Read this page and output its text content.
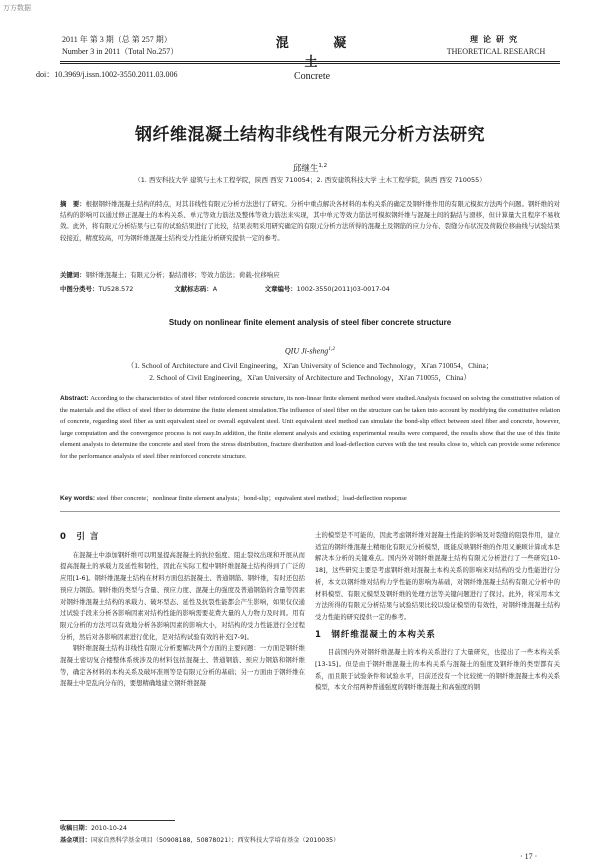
万方数据
2011 年 第 3 期（总 第 257 期）
Number 3 in 2011（Total No.257）
混 凝 土
Concrete
理论研究
THEORETICAL RESEARCH
doi：10.3969/j.issn.1002-3550.2011.03.006
钢纤维混凝土结构非线性有限元分析方法研究
邱继生$^{1,2}$
（1. 西安科技大学 建筑与土木工程学院，陕西 西安 710054；2. 西安建筑科技大学 土木工程学院，陕西 西安 710055）
摘　要：根据钢纤维混凝土结构的特点，对其非线性有限元分析方法进行了研究。分析中重点解决各材料的本构关系的确定及钢纤维作用的有限元模拟方法两个问题。钢纤维的对结构的影响可以通过修正混凝土的本构关系、单元等效力筋法及整体等效力筋法来实现，其中单元等效力筋法可模拟钢纤维与混凝土间的黏结与滑移，但计算量大且程序不易收敛。此外，将有限元分析结果与已有的试验结果进行了比较，结果表明采用研究确定的有限元分析方法所得的混凝土及钢筋的应力分布、裂缝分布状况及荷载位移曲线与试验结果较接近，精度较高，可为钢纤维混凝土结构受力性能分析研究提供一定的参考。
关键词：钢纤维混凝土；有限元分析；黏结滑移；等效力筋法；荷载-位移响应
中图分类号：TU528.572	文献标志码：A	文章编号：1002-3550(2011)03-0017-04
Study on nonlinear finite element analysis of steel fiber concrete structure
QIU Ji-sheng$^{1,2}$
（1. School of Architecture and Civil Engineering，Xi'an University of Science and Technology，Xi'an 710054，China；
2. School of Civil Engineering，Xi'an University of Architecture and Technology，Xi'an 710055，China）
Abstract: According to the characteristics of steel fiber reinforced concrete structure, its non-linear finite element method were studied.Analysis focused on solving the constitutive relation of the materials and the effect of steel fiber to determine the finite element simulation.The influence of steel fiber on the structure can be taken into account by modifying the constitutive relation of concrete, regarding steel fiber as unit equivalent steel or overall equivalent steel. Unit equivalent steel method can simulate the bond-slip effect between steel fiber and concrete, however, large computation and the convergence process is not easy.In addition, the finite element analysis and existing experimental results were compared, the results show that the use of this finite element analysis to determine the concrete and steel from the stress distribution, fracture distribution and load-deflection curves with the test results close to, which can provide some reference for the performance analysis of steel fiber reinforced concrete structure.
Key words: steel fiber concrete；nonlinear finite element analysis；bond-slip；equivalent steel method；load-deflection response
0　引 言

在混凝土中添加钢纤维可以明显提高混凝土的抗拉强度、阻止裂纹出现和开展从而提高混凝土的承载力及延性和韧性，因此在实际工程中钢纤维混凝土结构得到了广泛的应用[1-6]。钢纤维混凝土结构在材料方面包括混凝土、普通钢筋、钢纤维，有时还包括预应力钢筋。钢纤维的类型与含量、预应力度、混凝土的强度及普通钢筋的含量等因素对钢纤维混凝土结构的承载力、破坏型态、延性及抗裂性能都会产生影响，如果仅仅通过试验手段来分析各影响因素对结构性能的影响需要花费大量的人力物力及时间。用有限元分析的方法可以有效地分析各影响因素的影响大小，对结构的受力性能进行全过程分析，然后对各影响因素进行优化，是对结构试验有效的补充[7-9]。

钢纤维混凝土结构非线性有限元分析要解决两个方面的主要问题：一方面是钢纤维混凝土密切复合楼整体系统涉及的材料包括混凝土、普通钢筋、预应力钢筋和钢纤维等，确定各材料的本构关系及破坏准则等是有限元分析的基础；另一方面由于钢纤维在混凝土中是乱向分布的，要想精确地建立钢纤维混凝

土的模型是不可能的，因此考虑钢纤维对混凝土性能的影响及对裂缝的阻裂作用，建立适宜的钢纤维混凝土精细化有限元分析模型，既能反映钢纤维的作用又兼顾计算成本是解决本分析的关键难点。国内外对钢纤维混凝土结构有限元分析进行了一些研究[10-18]，这些研究主要是考虑钢纤维对混凝土本构关系的影响来对结构的受力性能进行分析，本文以钢纤维对结构力学性能的影响为基础，对钢纤维混凝土结构有限元分析中的材料模型、有限元模型及钢纤维的处理方法等关键问题进行了探讨。此外，将采用本文方法所得的有限元分析结果与试验结果比较以验证模型的有效性，对钢纤维混凝土结构受力性能的研究提供一定的参考。

1　钢纤维混凝土的本构关系

目前国内外对钢纤维混凝土的本构关系进行了大量研究，也提出了一些本构关系[13-15]。但是由于钢纤维混凝土的本构关系与混凝土的强度及钢纤维的类型都有关系，而且限于试验条件和试验水平，目前还没有一个比较统一的钢纤维混凝土本构关系模型，本文介绍两种普通强度的钢纤维混凝土和高强度的钢

收稿日期：2010-10-24
基金项目：国家自然科学基金项目（50908188，50878021）；西安科技大学培育基金（2010035）
· 17 ·
